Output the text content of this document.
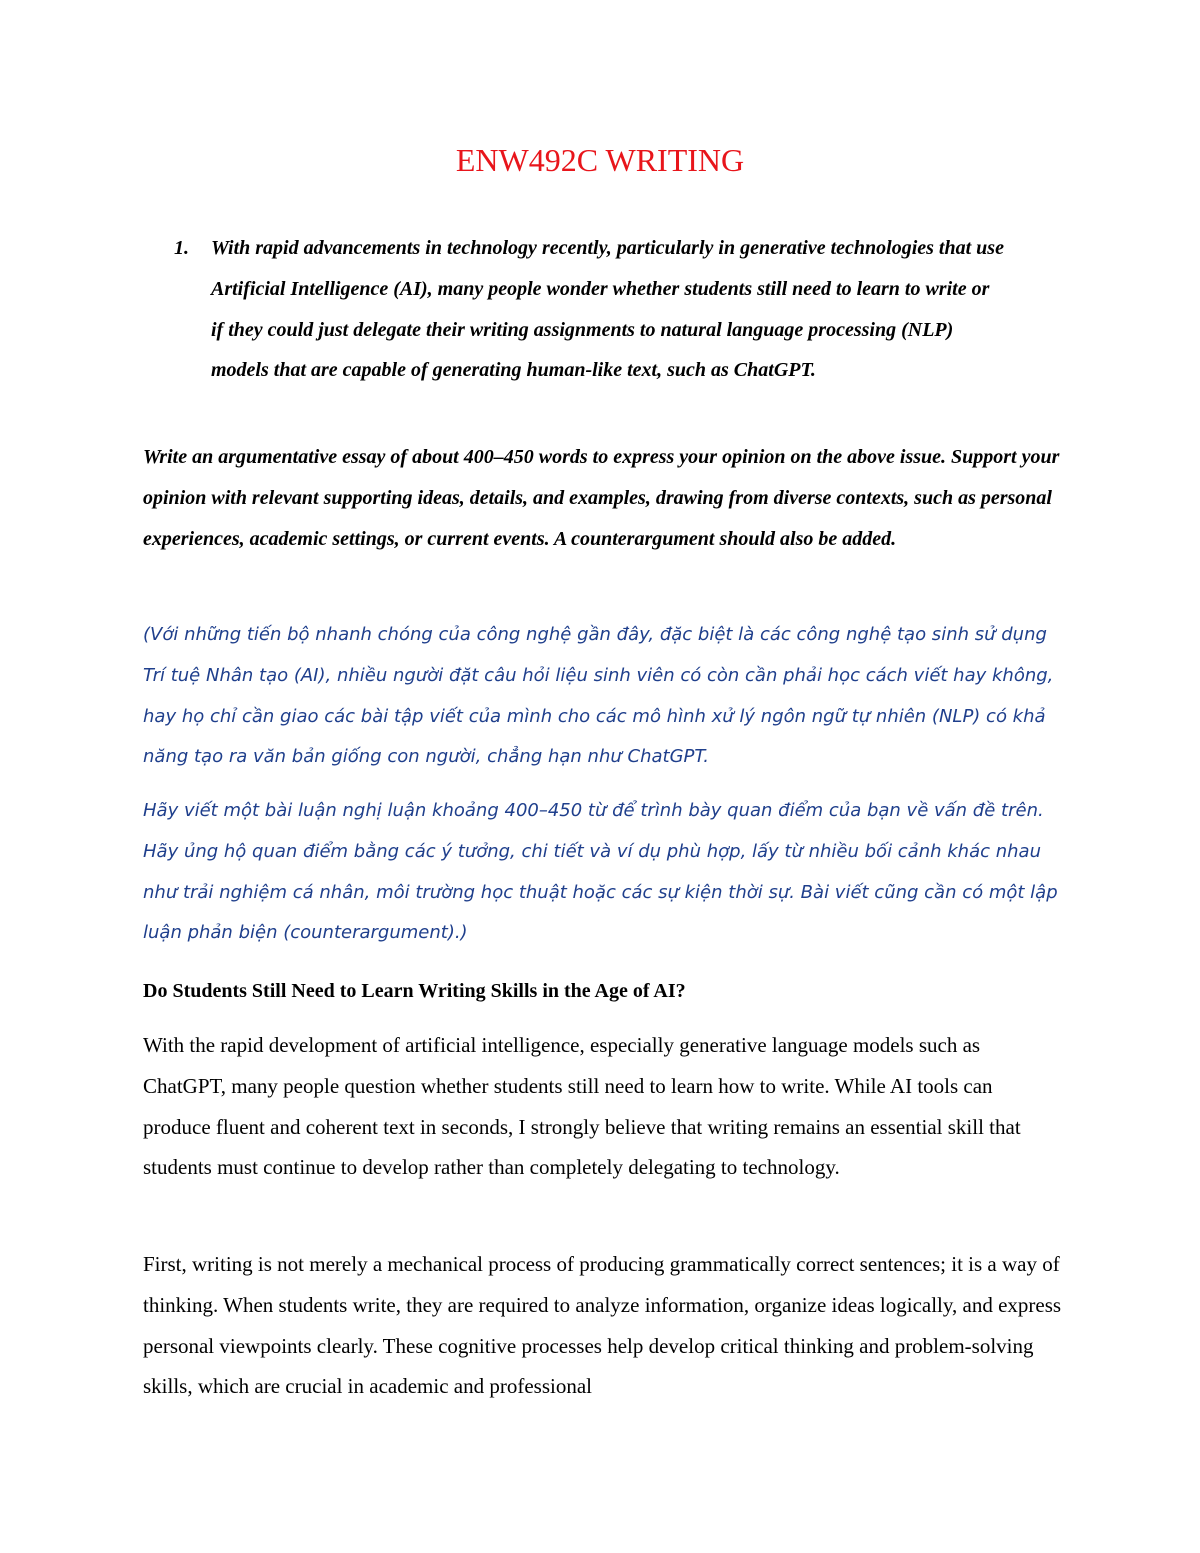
ENW492C WRITING
1. With rapid advancements in technology recently, particularly in generative technologies that use Artificial Intelligence (AI), many people wonder whether students still need to learn to write or if they could just delegate their writing assignments to natural language processing (NLP) models that are capable of generating human-like text, such as ChatGPT.

Write an argumentative essay of about 400–450 words to express your opinion on the above issue. Support your opinion with relevant supporting ideas, details, and examples, drawing from diverse contexts, such as personal experiences, academic settings, or current events. A counterargument should also be added.

(Với những tiến bộ nhanh chóng của công nghệ gần đây, đặc biệt là các công nghệ tạo sinh sử dụng Trí tuệ Nhân tạo (AI), nhiều người đặt câu hỏi liệu sinh viên có còn cần phải học cách viết hay không, hay họ chỉ cần giao các bài tập viết của mình cho các mô hình xử lý ngôn ngữ tự nhiên (NLP) có khả năng tạo ra văn bản giống con người, chẳng hạn như ChatGPT.

Hãy viết một bài luận nghị luận khoảng 400–450 từ để trình bày quan điểm của bạn về vấn đề trên. Hãy ủng hộ quan điểm bằng các ý tưởng, chi tiết và ví dụ phù hợp, lấy từ nhiều bối cảnh khác nhau như trải nghiệm cá nhân, môi trường học thuật hoặc các sự kiện thời sự. Bài viết cũng cần có một lập luận phản biện (counterargument).)

Do Students Still Need to Learn Writing Skills in the Age of AI?

With the rapid development of artificial intelligence, especially generative language models such as ChatGPT, many people question whether students still need to learn how to write. While AI tools can produce fluent and coherent text in seconds, I strongly believe that writing remains an essential skill that students must continue to develop rather than completely delegating to technology.

First, writing is not merely a mechanical process of producing grammatically correct sentences; it is a way of thinking. When students write, they are required to analyze information, organize ideas logically, and express personal viewpoints clearly. These cognitive processes help develop critical thinking and problem-solving skills, which are crucial in academic and professional
